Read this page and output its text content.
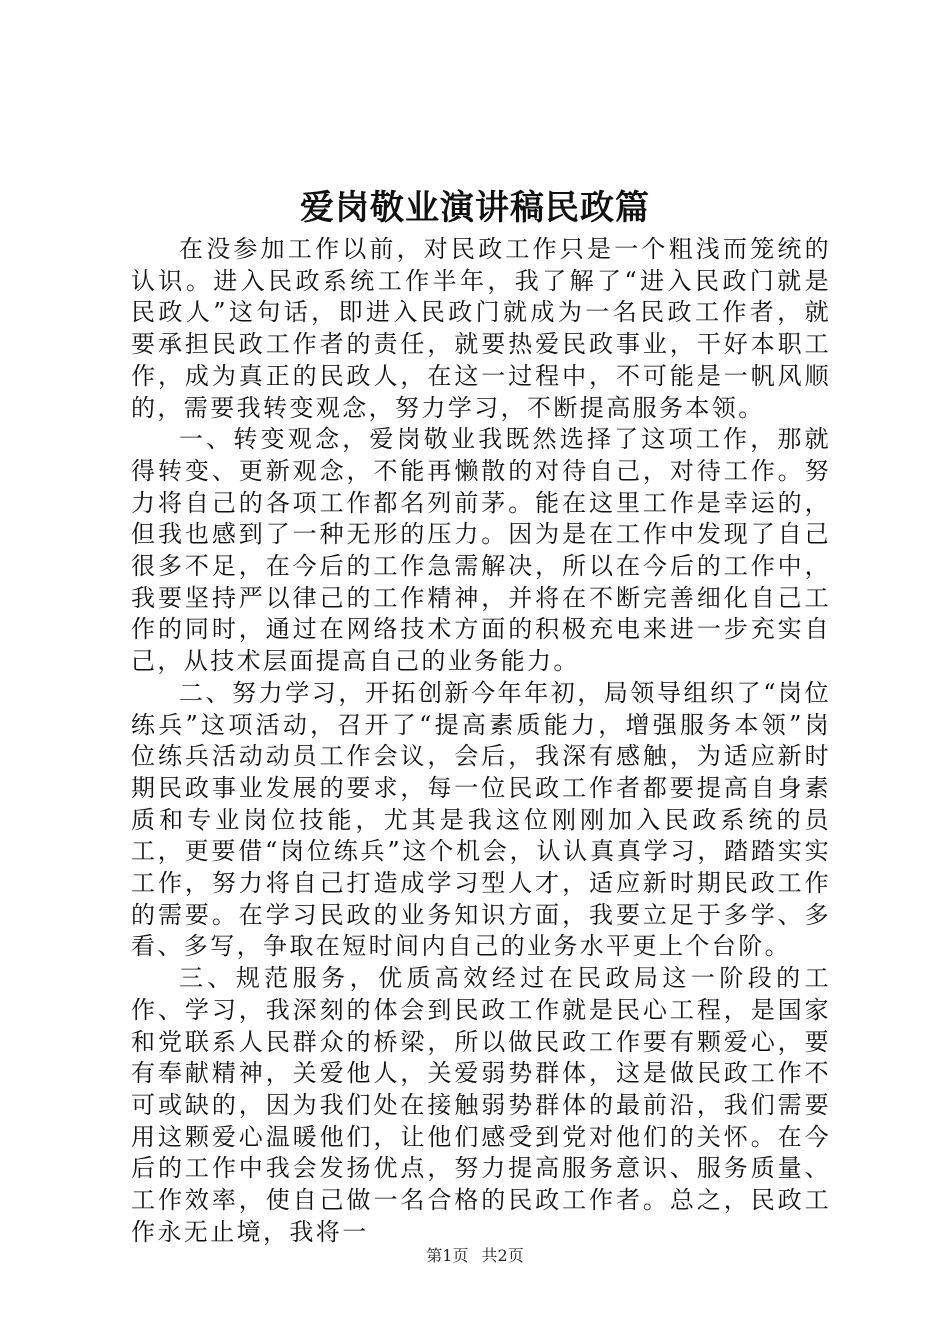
爱岗敬业演讲稿民政篇

在没参加工作以前，对民政工作只是一个粗浅而笼统的认识。进入民政系统工作半年，我了解了“进入民政门就是民政人”这句话，即进入民政门就成为一名民政工作者，就要承担民政工作者的责任，就要热爱民政事业，干好本职工作，成为真正的民政人，在这一过程中，不可能是一帆风顺的，需要我转变观念，努力学习，不断提高服务本领。

一、转变观念，爱岗敬业我既然选择了这项工作，那就得转变、更新观念，不能再懒散的对待自己，对待工作。努力将自己的各项工作都名列前茅。能在这里工作是幸运的，但我也感到了一种无形的压力。因为是在工作中发现了自己很多不足，在今后的工作急需解决，所以在今后的工作中，我要坚持严以律己的工作精神，并将在不断完善细化自己工作的同时，通过在网络技术方面的积极充电来进一步充实自己，从技术层面提高自己的业务能力。

二、努力学习，开拓创新今年年初，局领导组织了“岗位练兵”这项活动，召开了“提高素质能力，增强服务本领”岗位练兵活动动员工作会议，会后，我深有感触，为适应新时期民政事业发展的要求，每一位民政工作者都要提高自身素质和专业岗位技能，尤其是我这位刚刚加入民政系统的员工，更要借“岗位练兵”这个机会，认认真真学习，踏踏实实工作，努力将自己打造成学习型人才，适应新时期民政工作的需要。在学习民政的业务知识方面，我要立足于多学、多看、多写，争取在短时间内自己的业务水平更上个台阶。

三、规范服务，优质高效经过在民政局这一阶段的工作、学习，我深刻的体会到民政工作就是民心工程，是国家和党联系人民群众的桥梁，所以做民政工作要有颗爱心，要有奉献精神，关爱他人，关爱弱势群体，这是做民政工作不可或缺的，因为我们处在接触弱势群体的最前沿，我们需要用这颗爱心温暖他们，让他们感受到党对他们的关怀。在今后的工作中我会发扬优点，努力提高服务意识、服务质量、工作效率，使自己做一名合格的民政工作者。总之，民政工作永无止境，我将一

第1页 共2页
